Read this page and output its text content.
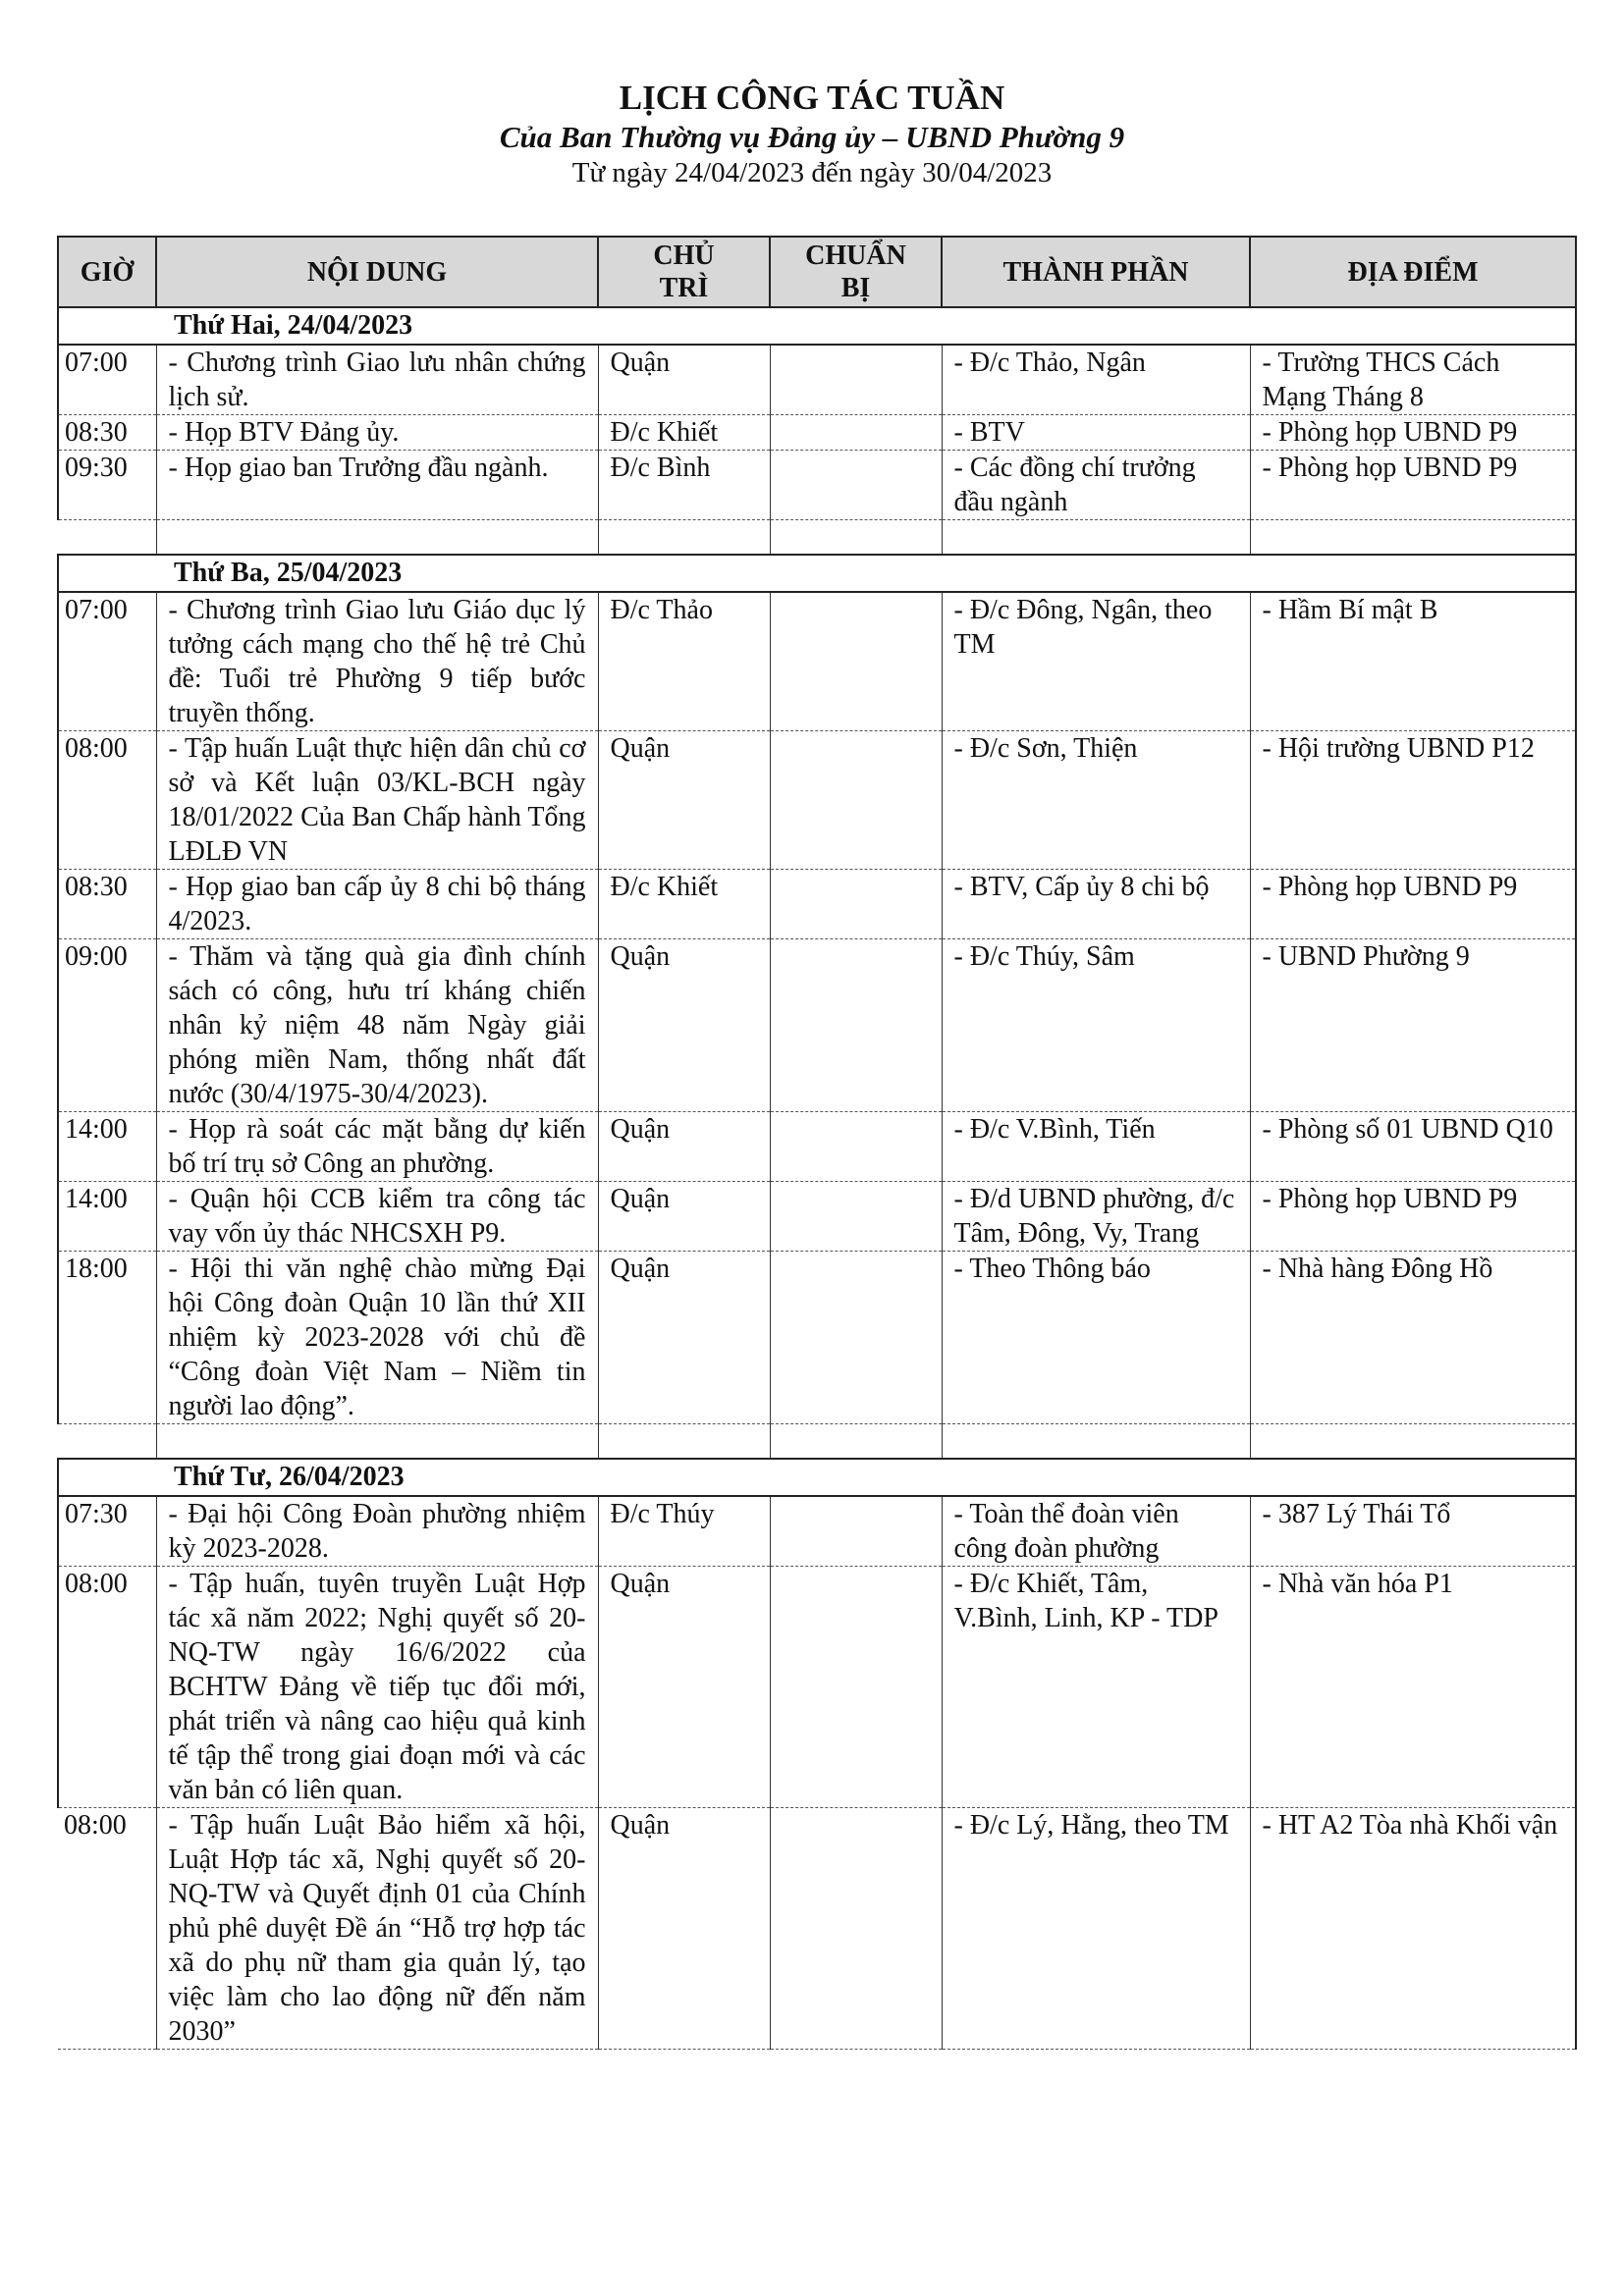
LỊCH CÔNG TÁC TUẦN
Của Ban Thường vụ Đảng ủy – UBND Phường 9
Từ ngày 24/04/2023 đến ngày 30/04/2023
GIỜ	NỘI DUNG	CHỦ TRÌ	CHUẨN BỊ	THÀNH PHẦN	ĐỊA ĐIỂM
Thứ Hai, 24/04/2023					
07:00	- Chương trình Giao lưu nhân chứng lịch sử.	Quận		- Đ/c Thảo, Ngân	- Trường THCS Cách Mạng Tháng 8
08:30	- Họp BTV Đảng ủy.	Đ/c Khiết		- BTV	- Phòng họp UBND P9
09:30	- Họp giao ban Trưởng đầu ngành.	Đ/c Bình		- Các đồng chí trưởng đầu ngành	- Phòng họp UBND P9

Thứ Ba, 25/04/2023					
07:00	- Chương trình Giao lưu Giáo dục lý tưởng cách mạng cho thế hệ trẻ Chủ đề: Tuổi trẻ Phường 9 tiếp bước truyền thống.	Đ/c Thảo		- Đ/c Đông, Ngân, theo TM	- Hầm Bí mật B
08:00	- Tập huấn Luật thực hiện dân chủ cơ sở và Kết luận 03/KL-BCH ngày 18/01/2022 Của Ban Chấp hành Tổng LĐLĐ VN	Quận		- Đ/c Sơn, Thiện	- Hội trường UBND P12
08:30	- Họp giao ban cấp ủy 8 chi bộ tháng 4/2023.	Đ/c Khiết		- BTV, Cấp ủy 8 chi bộ	- Phòng họp UBND P9
09:00	- Thăm và tặng quà gia đình chính sách có công, hưu trí kháng chiến nhân kỷ niệm 48 năm Ngày giải phóng miền Nam, thống nhất đất nước (30/4/1975-30/4/2023).	Quận		- Đ/c Thúy, Sâm	- UBND Phường 9
14:00	- Họp rà soát các mặt bằng dự kiến bố trí trụ sở Công an phường.	Quận		- Đ/c V.Bình, Tiến	- Phòng số 01 UBND Q10
14:00	- Quận hội CCB kiểm tra công tác vay vốn ủy thác NHCSXH P9.	Quận		- Đ/d UBND phường, đ/c Tâm, Đông, Vy, Trang	- Phòng họp UBND P9
18:00	- Hội thi văn nghệ chào mừng Đại hội Công đoàn Quận 10 lần thứ XII nhiệm kỳ 2023-2028 với chủ đề “Công đoàn Việt Nam – Niềm tin người lao động”.	Quận		- Theo Thông báo	- Nhà hàng Đông Hồ

Thứ Tư, 26/04/2023					
07:30	- Đại hội Công Đoàn phường nhiệm kỳ 2023-2028.	Đ/c Thúy		- Toàn thể đoàn viên công đoàn phường	- 387 Lý Thái Tổ
08:00	- Tập huấn, tuyên truyền Luật Hợp tác xã năm 2022; Nghị quyết số 20-NQ-TW ngày 16/6/2022 của BCHTW Đảng về tiếp tục đổi mới, phát triển và nâng cao hiệu quả kinh tế tập thể trong giai đoạn mới và các văn bản có liên quan.	Quận		- Đ/c Khiết, Tâm, V.Bình, Linh, KP - TDP	- Nhà văn hóa P1
08:00	- Tập huấn Luật Bảo hiểm xã hội, Luật Hợp tác xã, Nghị quyết số 20-NQ-TW và Quyết định 01 của Chính phủ phê duyệt Đề án “Hỗ trợ hợp tác xã do phụ nữ tham gia quản lý, tạo việc làm cho lao động nữ đến năm 2030”	Quận		- Đ/c Lý, Hằng, theo TM	- HT A2 Tòa nhà Khối vận
